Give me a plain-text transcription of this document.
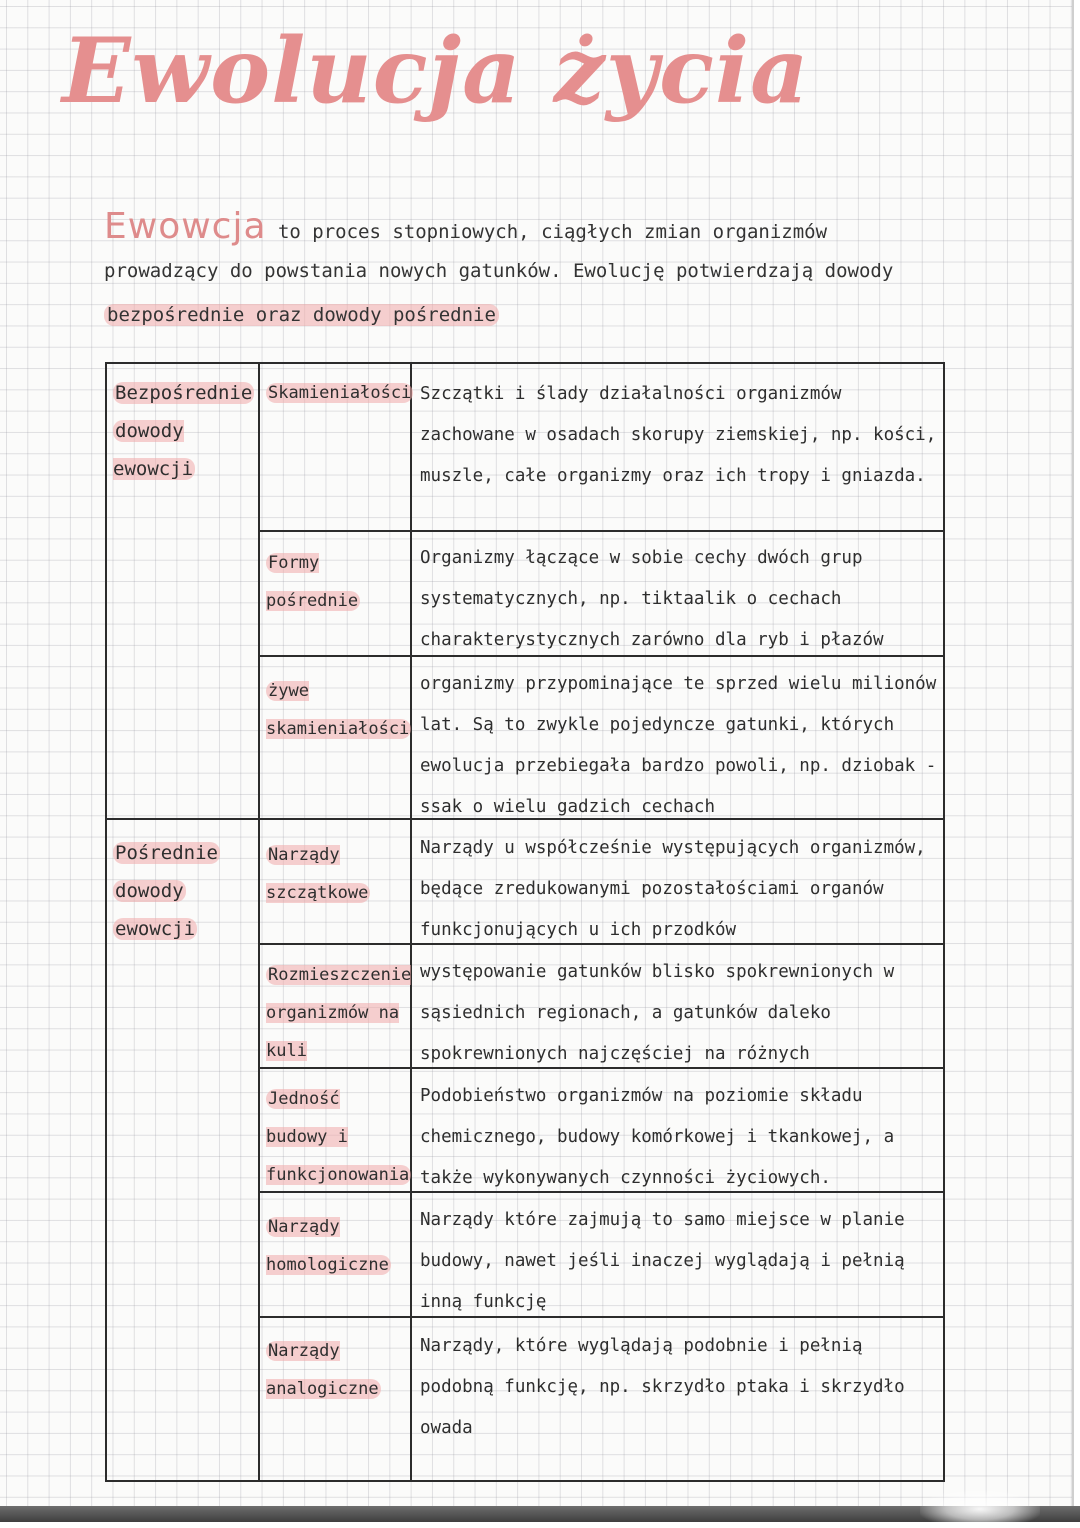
Ewolucja życia
Ewowcja to proces stopniowych, ciągłych zmian organizmów
prowadzący do powstania nowych gatunków. Ewolucję potwierdzają dowody
bezpośrednie oraz dowody pośrednie
Bezpośrednie
dowody ewowcji
Pośrednie
dowody
ewowcji
Skamieniałości Szczątki i ślady działalności organizmów zachowane w osadach skorupy ziemskiej, np. kości, muszle, całe organizmy oraz ich tropy i gniazda.
Formy pośrednie
Organizmy łączące w sobie cechy dwóch grup systematycznych, np. tiktaalik o cechach charakterystycznych zarówno dla ryb i płazów
żywe skamieniałości
organizmy przypominające te sprzed wielu milionów lat. Są to zwykle pojedyncze gatunki, których ewolucja przebiegała bardzo powoli, np. dziobak -ssak o wielu gadzich cechach
Narządy szczątkowe
Narządy u współcześnie występujących organizmów, będące zredukowanymi pozostałościami organów funkcjonujących u ich przodków
Rozmieszczenie organizmów na kuli
występowanie gatunków blisko spokrewnionych w sąsiednich regionach, a gatunków daleko spokrewnionych najczęściej na różnych
Jedność budowy i funkcjonowania
Podobieństwo organizmów na poziomie składu chemicznego, budowy komórkowej i tkankowej, a także wykonywanych czynności życiowych.
Narządy homologiczne
Narządy które zajmują to samo miejsce w planie budowy, nawet jeśli inaczej wyglądają i pełnią inną funkcję
Narządy analogiczne
Narządy, które wyglądają podobnie i pełnią podobną funkcję, np. skrzydło ptaka i skrzydło owada
